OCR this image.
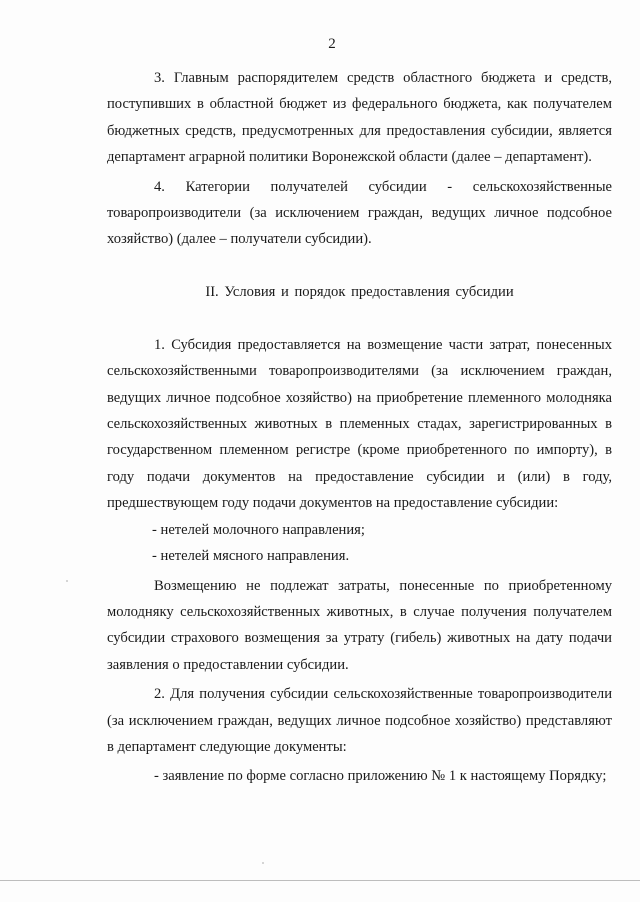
2

3. Главным распорядителем средств областного бюджета и средств, поступивших в областной бюджет из федерального бюджета, как получателем бюджетных средств, предусмотренных для предоставления субсидии, является департамент аграрной политики Воронежской области (далее – департамент).

4. Категории получателей субсидии - сельскохозяйственные товаропроизводители (за исключением граждан, ведущих личное подсобное хозяйство) (далее – получатели субсидии).

II. Условия и порядок предоставления субсидии

1. Субсидия предоставляется на возмещение части затрат, понесенных сельскохозяйственными товаропроизводителями (за исключением граждан, ведущих личное подсобное хозяйство) на приобретение племенного молодняка сельскохозяйственных животных в племенных стадах, зарегистрированных в государственном племенном регистре (кроме приобретенного по импорту), в году подачи документов на предоставление субсидии и (или) в году, предшествующем году подачи документов на предоставление субсидии:

- нетелей молочного направления;

- нетелей мясного направления.

Возмещению не подлежат затраты, понесенные по приобретенному молодняку сельскохозяйственных животных, в случае получения получателем субсидии страхового возмещения за утрату (гибель) животных на дату подачи заявления о предоставлении субсидии.

2. Для получения субсидии сельскохозяйственные товаропроизводители (за исключением граждан, ведущих личное подсобное хозяйство) представляют в департамент следующие документы:

- заявление по форме согласно приложению № 1 к настоящему Порядку;
